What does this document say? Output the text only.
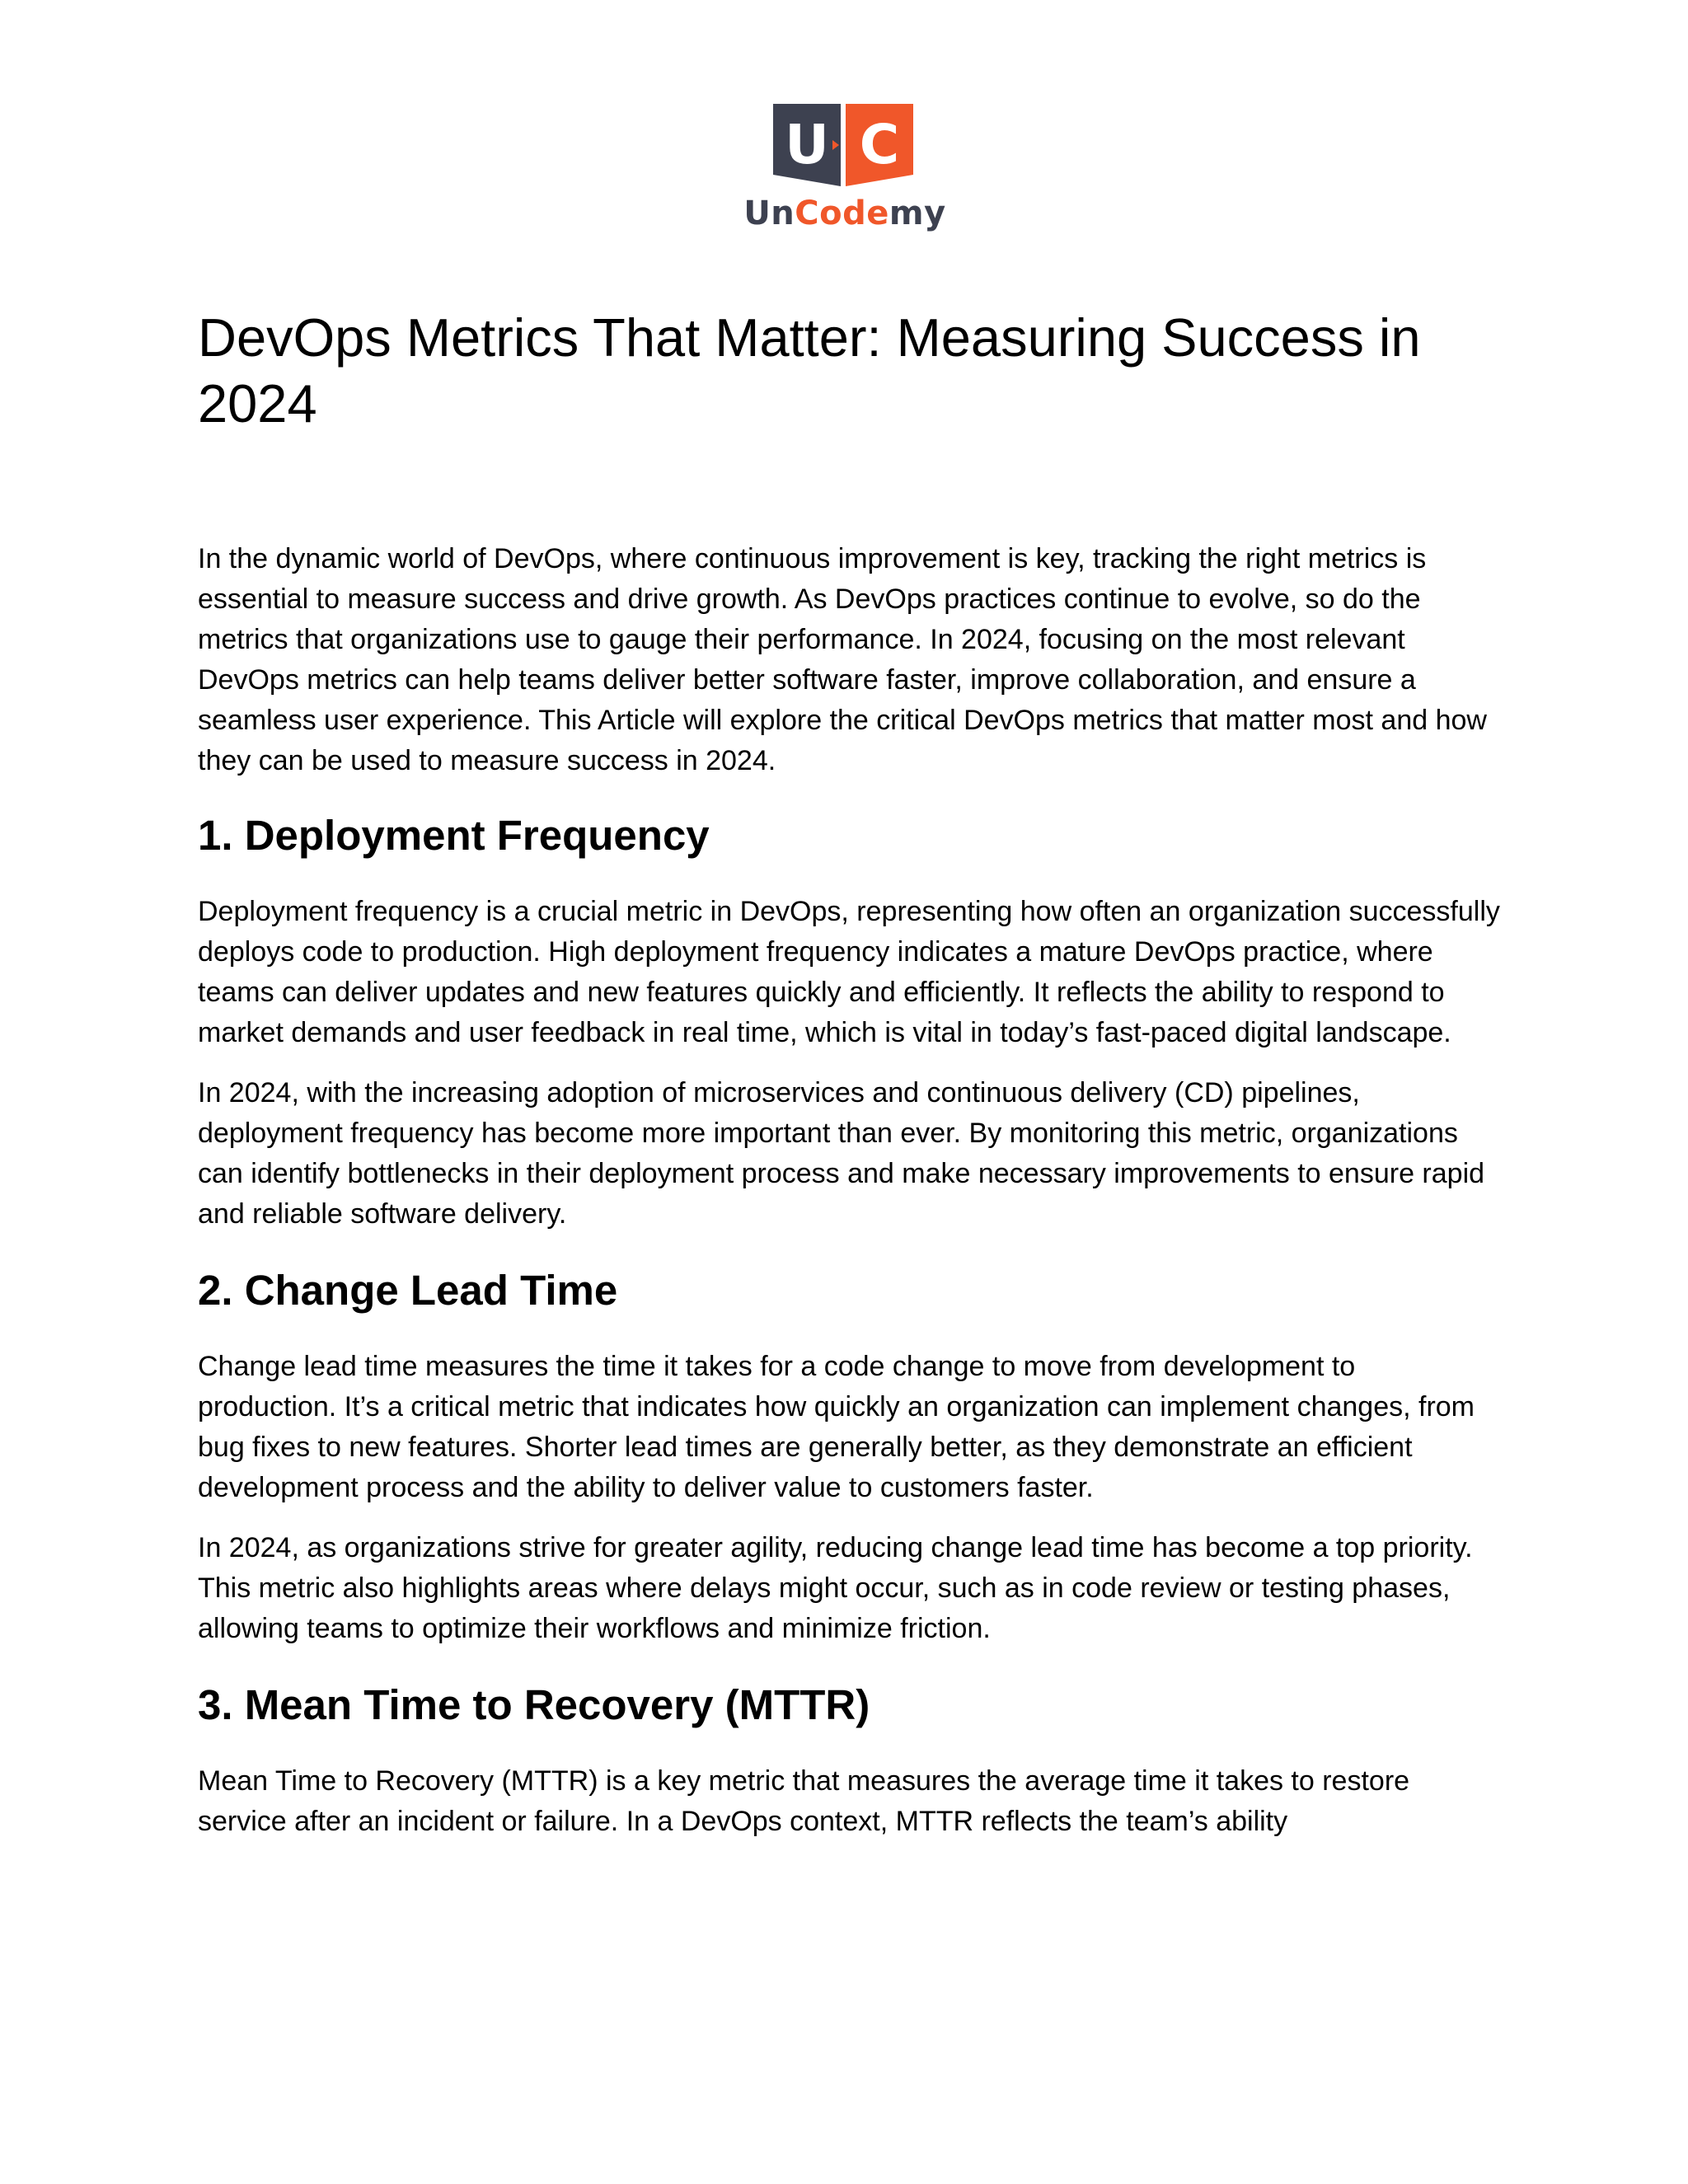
U C
UnCodemy
DevOps Metrics That Matter: Measuring Success in 2024

In the dynamic world of DevOps, where continuous improvement is key, tracking the right metrics is essential to measure success and drive growth. As DevOps practices continue to evolve, so do the metrics that organizations use to gauge their performance. In 2024, focusing on the most relevant DevOps metrics can help teams deliver better software faster, improve collaboration, and ensure a seamless user experience. This Article will explore the critical DevOps metrics that matter most and how they can be used to measure success in 2024.

1. Deployment Frequency

Deployment frequency is a crucial metric in DevOps, representing how often an organization successfully deploys code to production. High deployment frequency indicates a mature DevOps practice, where teams can deliver updates and new features quickly and efficiently. It reflects the ability to respond to market demands and user feedback in real time, which is vital in today’s fast-paced digital landscape.

In 2024, with the increasing adoption of microservices and continuous delivery (CD) pipelines, deployment frequency has become more important than ever. By monitoring this metric, organizations can identify bottlenecks in their deployment process and make necessary improvements to ensure rapid and reliable software delivery.

2. Change Lead Time

Change lead time measures the time it takes for a code change to move from development to production. It’s a critical metric that indicates how quickly an organization can implement changes, from bug fixes to new features. Shorter lead times are generally better, as they demonstrate an efficient development process and the ability to deliver value to customers faster.

In 2024, as organizations strive for greater agility, reducing change lead time has become a top priority. This metric also highlights areas where delays might occur, such as in code review or testing phases, allowing teams to optimize their workflows and minimize friction.

3. Mean Time to Recovery (MTTR)

Mean Time to Recovery (MTTR) is a key metric that measures the average time it takes to restore service after an incident or failure. In a DevOps context, MTTR reflects the team’s ability
